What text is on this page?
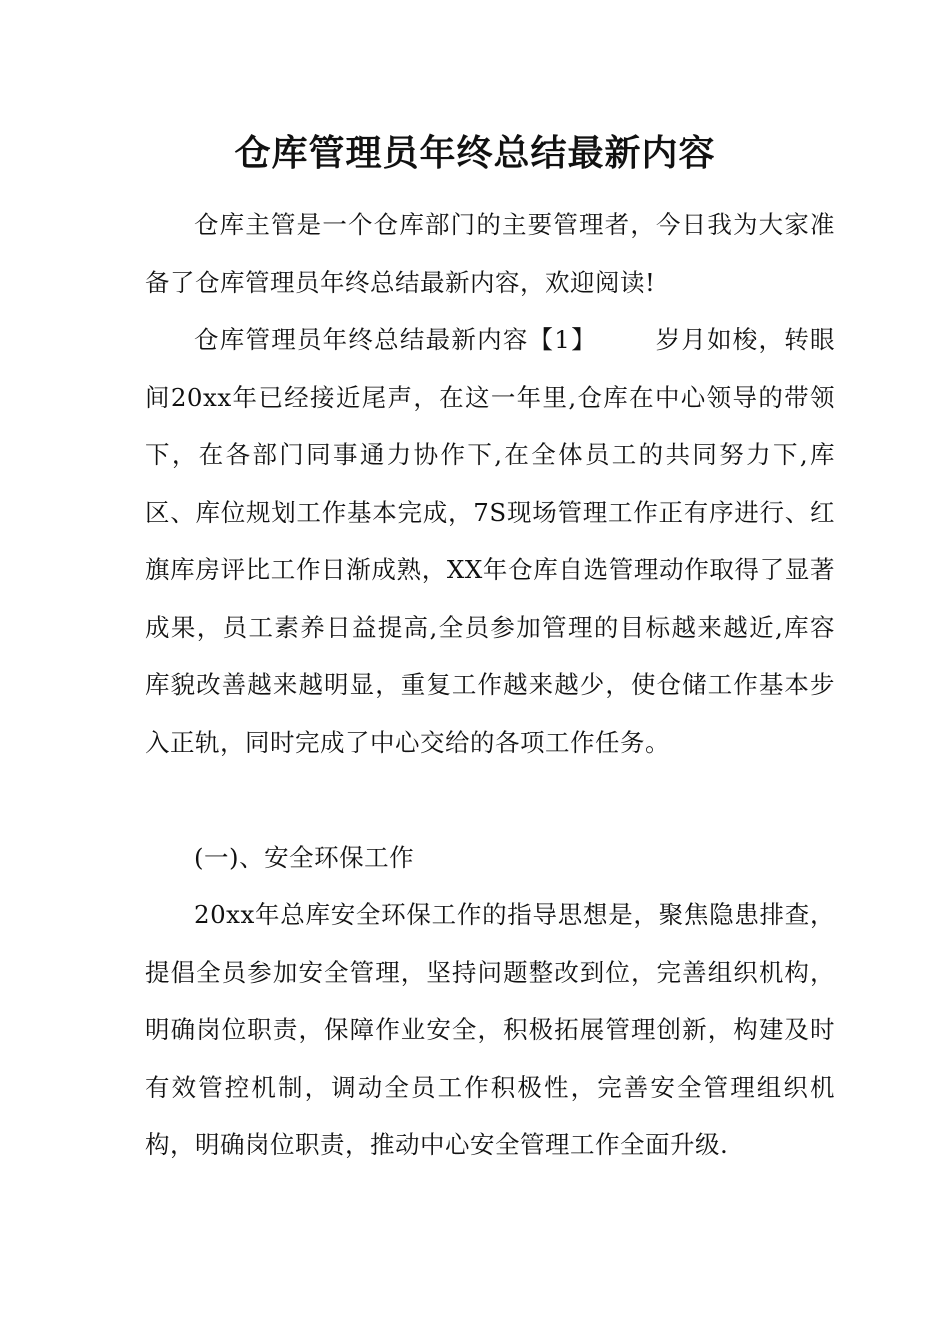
仓库管理员年终总结最新内容

仓库主管是一个仓库部门的主要管理者，今日我为大家准备了仓库管理员年终总结最新内容，欢迎阅读!

仓库管理员年终总结最新内容【1】 岁月如梭，转眼间20xx年已经接近尾声，在这一年里,仓库在中心领导的带领下，在各部门同事通力协作下,在全体员工的共同努力下,库区、库位规划工作基本完成，7S现场管理工作正有序进行、红旗库房评比工作日渐成熟，XX年仓库自选管理动作取得了显著成果，员工素养日益提高,全员参加管理的目标越来越近,库容库貌改善越来越明显，重复工作越来越少，使仓储工作基本步入正轨，同时完成了中心交给的各项工作任务。

(一)、安全环保工作

20xx年总库安全环保工作的指导思想是，聚焦隐患排查，提倡全员参加安全管理，坚持问题整改到位，完善组织机构，明确岗位职责，保障作业安全，积极拓展管理创新，构建及时有效管控机制，调动全员工作积极性，完善安全管理组织机构，明确岗位职责，推动中心安全管理工作全面升级.
